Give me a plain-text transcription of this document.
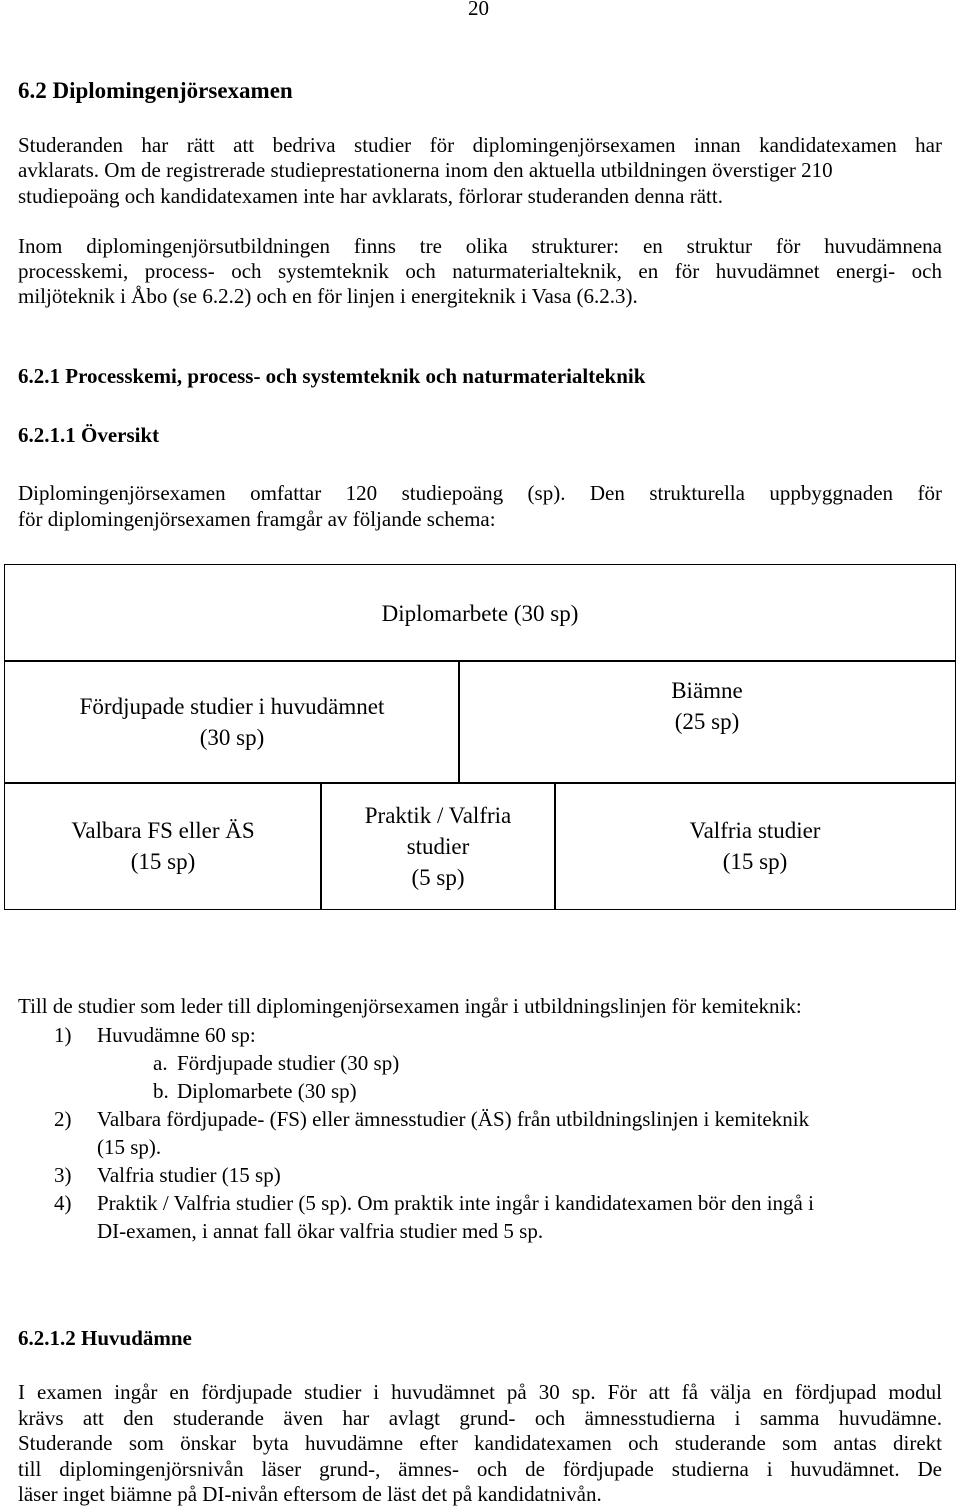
20
6.2 Diplomingenjörsexamen
Studeranden har rätt att bedriva studier för diplomingenjörsexamen innan kandidatexamen har
avklarats. Om de registrerade studieprestationerna inom den aktuella utbildningen överstiger 210
studiepoäng och kandidatexamen inte har avklarats, förlorar studeranden denna rätt.
Inom diplomingenjörsutbildningen finns tre olika strukturer: en struktur för huvudämnena
processkemi, process- och systemteknik och naturmaterialteknik, en för huvudämnet energi- och
miljöteknik i Åbo (se 6.2.2) och en för linjen i energiteknik i Vasa (6.2.3).
6.2.1 Processkemi, process- och systemteknik och naturmaterialteknik
6.2.1.1 Översikt
Diplomingenjörsexamen omfattar 120 studiepoäng (sp). Den strukturella uppbyggnaden för
för diplomingenjörsexamen framgår av följande schema:
Diplomarbete (30 sp)
Fördjupade studier i huvudämnet
(30 sp)
Biämne
(25 sp)
Valbara FS eller ÄS
(15 sp)
Praktik / Valfria
studier
(5 sp)
Valfria studier
(15 sp)
Till de studier som leder till diplomingenjörsexamen ingår i utbildningslinjen för kemiteknik:
1) Huvudämne 60 sp:
a. Fördjupade studier (30 sp)
b. Diplomarbete (30 sp)
2) Valbara fördjupade- (FS) eller ämnesstudier (ÄS) från utbildningslinjen i kemiteknik
(15 sp).
3) Valfria studier (15 sp)
4) Praktik / Valfria studier (5 sp). Om praktik inte ingår i kandidatexamen bör den ingå i
DI-examen, i annat fall ökar valfria studier med 5 sp.
6.2.1.2 Huvudämne
I examen ingår en fördjupade studier i huvudämnet på 30 sp. För att få välja en fördjupad modul
krävs att den studerande även har avlagt grund- och ämnesstudierna i samma huvudämne.
Studerande som önskar byta huvudämne efter kandidatexamen och studerande som antas direkt
till diplomingenjörsnivån läser grund-, ämnes- och de fördjupade studierna i huvudämnet. De
läser inget biämne på DI-nivån eftersom de läst det på kandidatnivån.
